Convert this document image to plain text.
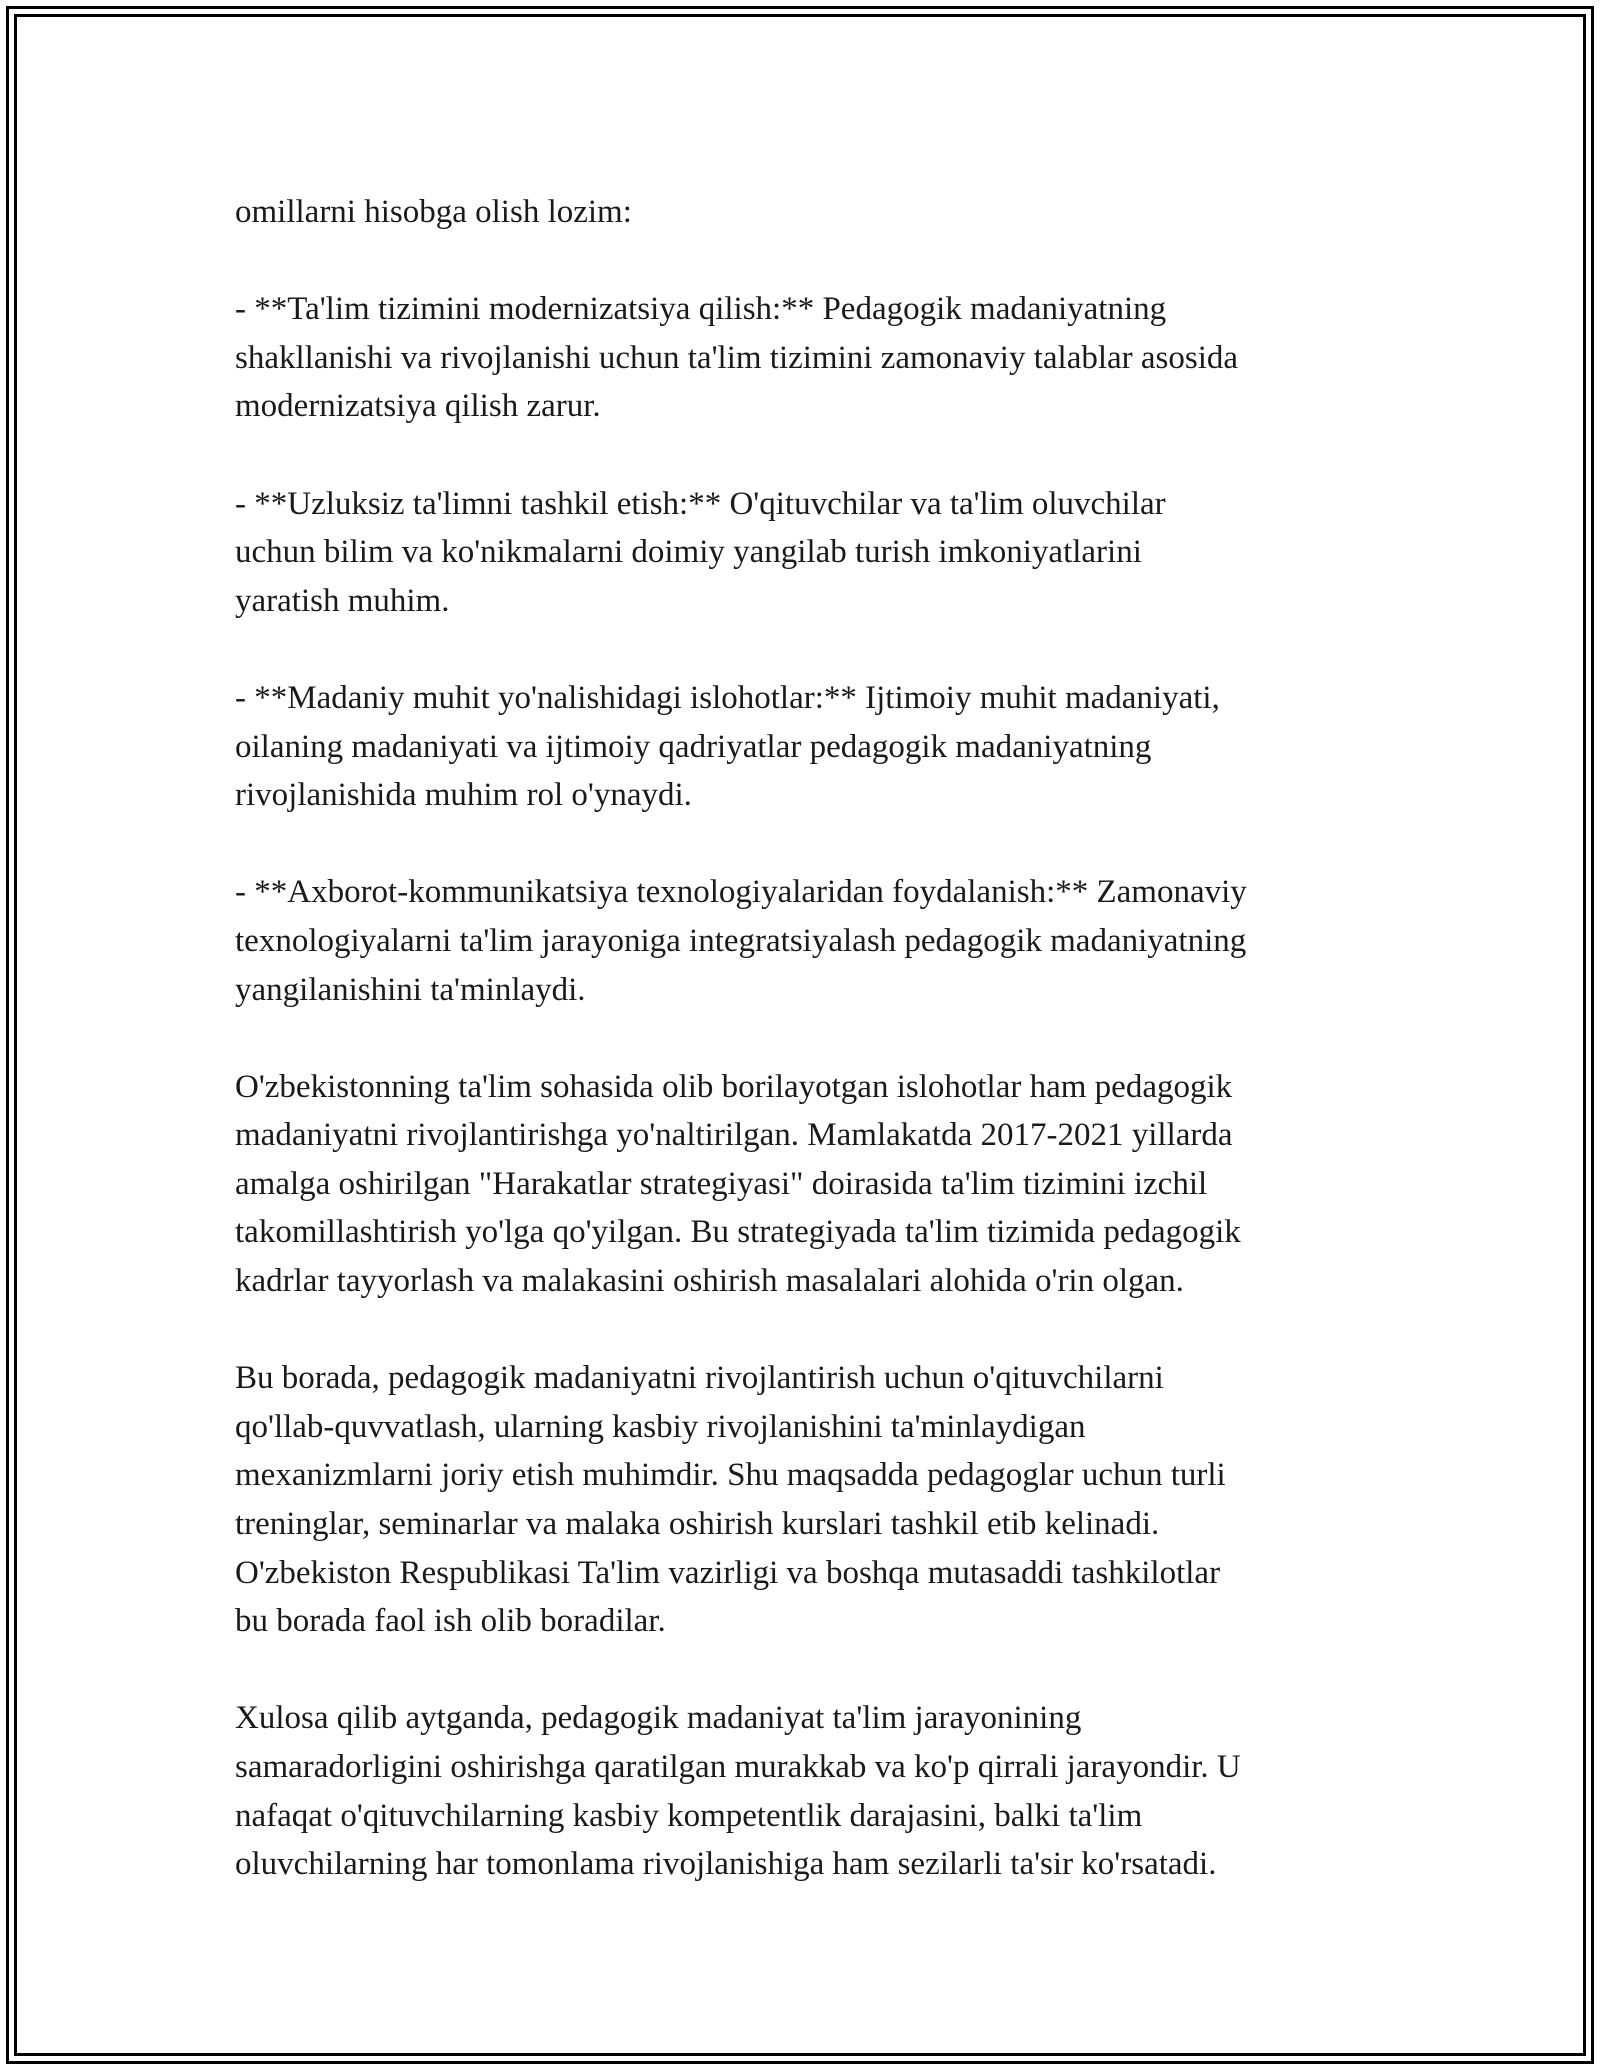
omillarni hisobga olish lozim:

- **Ta'lim tizimini modernizatsiya qilish:** Pedagogik madaniyatning
shakllanishi va rivojlanishi uchun ta'lim tizimini zamonaviy talablar asosida
modernizatsiya qilish zarur.

- **Uzluksiz ta'limni tashkil etish:** O'qituvchilar va ta'lim oluvchilar
uchun bilim va ko'nikmalarni doimiy yangilab turish imkoniyatlarini
yaratish muhim.

- **Madaniy muhit yo'nalishidagi islohotlar:** Ijtimoiy muhit madaniyati,
oilaning madaniyati va ijtimoiy qadriyatlar pedagogik madaniyatning
rivojlanishida muhim rol o'ynaydi.

- **Axborot-kommunikatsiya texnologiyalaridan foydalanish:** Zamonaviy
texnologiyalarni ta'lim jarayoniga integratsiyalash pedagogik madaniyatning
yangilanishini ta'minlaydi.

O'zbekistonning ta'lim sohasida olib borilayotgan islohotlar ham pedagogik
madaniyatni rivojlantirishga yo'naltirilgan. Mamlakatda 2017-2021 yillarda
amalga oshirilgan "Harakatlar strategiyasi" doirasida ta'lim tizimini izchil
takomillashtirish yo'lga qo'yilgan. Bu strategiyada ta'lim tizimida pedagogik
kadrlar tayyorlash va malakasini oshirish masalalari alohida o'rin olgan.

Bu borada, pedagogik madaniyatni rivojlantirish uchun o'qituvchilarni
qo'llab-quvvatlash, ularning kasbiy rivojlanishini ta'minlaydigan
mexanizmlarni joriy etish muhimdir. Shu maqsadda pedagoglar uchun turli
treninglar, seminarlar va malaka oshirish kurslari tashkil etib kelinadi.
O'zbekiston Respublikasi Ta'lim vazirligi va boshqa mutasaddi tashkilotlar
bu borada faol ish olib boradilar.

Xulosa qilib aytganda, pedagogik madaniyat ta'lim jarayonining
samaradorligini oshirishga qaratilgan murakkab va ko'p qirrali jarayondir. U
nafaqat o'qituvchilarning kasbiy kompetentlik darajasini, balki ta'lim
oluvchilarning har tomonlama rivojlanishiga ham sezilarli ta'sir ko'rsatadi.
